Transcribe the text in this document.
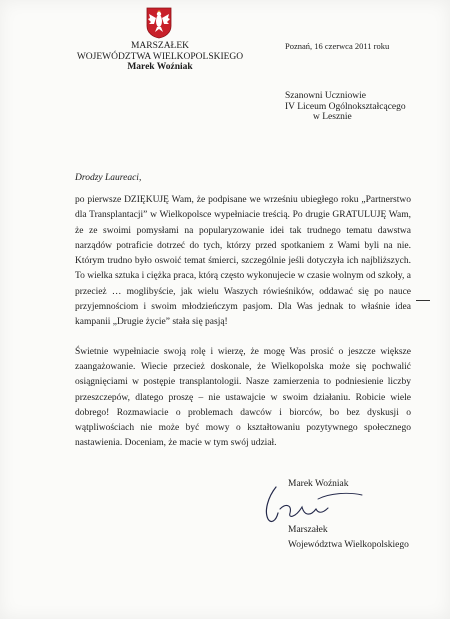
MARSZAŁEK
WOJEWÓDZTWA WIELKOPOLSKIEGO
Marek Woźniak
Poznań, 16 czerwca 2011 roku
Szanowni Uczniowie
IV Liceum Ogólnokształcącego
w Lesznie
Drodzy Laureaci,

po pierwsze DZIĘKUJĘ Wam, że podpisane we wrześniu ubiegłego roku „Partnerstwo dla Transplantacji” w Wielkopolsce wypełniacie treścią. Po drugie GRATULUJĘ Wam, że ze swoimi pomysłami na popularyzowanie idei tak trudnego tematu dawstwa narządów potraficie dotrzeć do tych, którzy przed spotkaniem z Wami byli na nie. Którym trudno było oswoić temat śmierci, szczególnie jeśli dotyczyła ich najbliższych. To wielka sztuka i ciężka praca, którą często wykonujecie w czasie wolnym od szkoły, a przecież … moglibyście, jak wielu Waszych rówieśników, oddawać się po nauce przyjemnościom i swoim młodzieńczym pasjom. Dla Was jednak to właśnie idea kampanii „Drugie życie” stała się pasją!

Świetnie wypełniacie swoją rolę i wierzę, że mogę Was prosić o jeszcze większe zaangażowanie. Wiecie przecież doskonale, że Wielkopolska może się pochwalić osiągnięciami w postępie transplantologii. Nasze zamierzenia to podniesienie liczby przeszczepów, dlatego proszę – nie ustawajcie w swoim działaniu. Robicie wiele dobrego! Rozmawiacie o problemach dawców i biorców, bo bez dyskusji o wątpliwościach nie może być mowy o kształtowaniu pozytywnego społecznego nastawienia. Doceniam, że macie w tym swój udział.

Marek Woźniak
Marszałek
Województwa Wielkopolskiego
